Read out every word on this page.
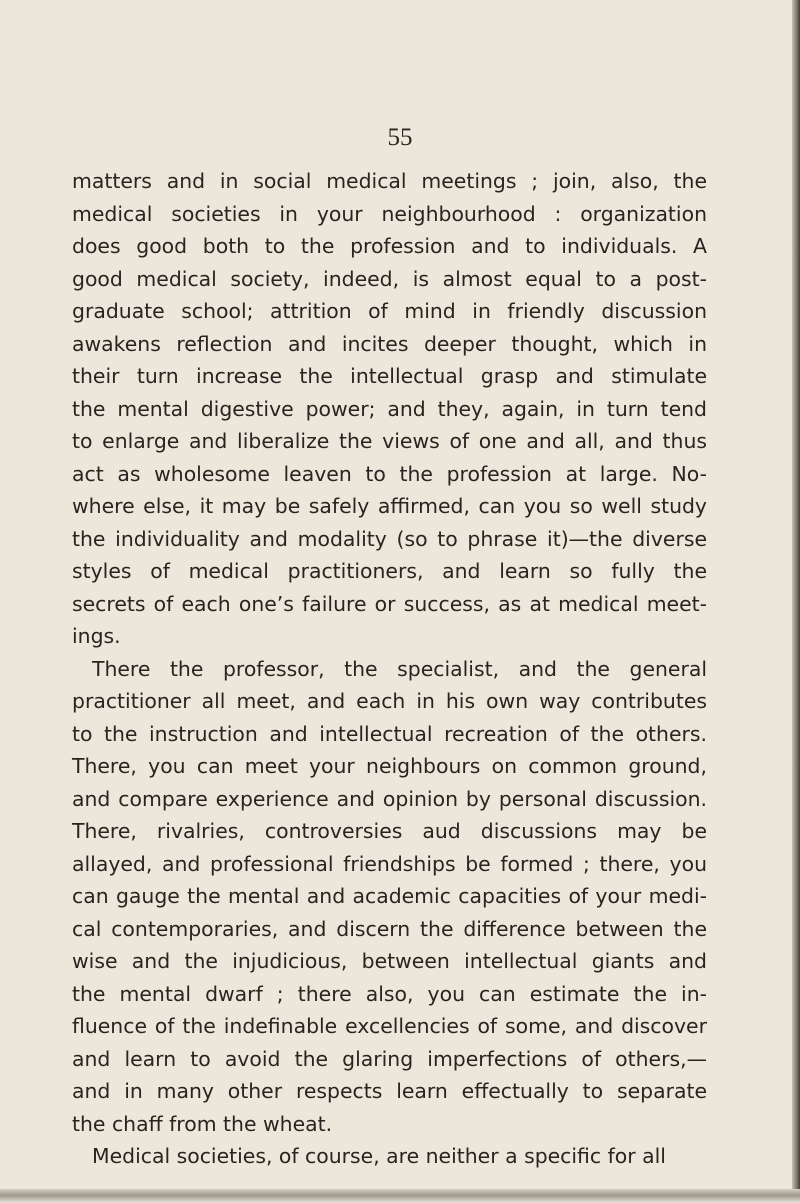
55
matters and in social medical meetings ; join, also, the
medical societies in your neighbourhood : organization
does good both to the profession and to individuals. A
good medical society, indeed, is almost equal to a post-
graduate school; attrition of mind in friendly discussion
awakens reflection and incites deeper thought, which in
their turn increase the intellectual grasp and stimulate
the mental digestive power; and they, again, in turn tend
to enlarge and liberalize the views of one and all, and thus
act as wholesome leaven to the profession at large. No-
where else, it may be safely affirmed, can you so well study
the individuality and modality (so to phrase it)—the diverse
styles of medical practitioners, and learn so fully the
secrets of each one’s failure or success, as at medical meet-
ings.
There the professor, the specialist, and the general
practitioner all meet, and each in his own way contributes
to the instruction and intellectual recreation of the others.
There, you can meet your neighbours on common ground,
and compare experience and opinion by personal discussion.
There, rivalries, controversies aud discussions may be
allayed, and professional friendships be formed ; there, you
can gauge the mental and academic capacities of your medi-
cal contemporaries, and discern the difference between the
wise and the injudicious, between intellectual giants and
the mental dwarf ; there also, you can estimate the in-
fluence of the indefinable excellencies of some, and discover
and learn to avoid the glaring imperfections of others,—
and in many other respects learn effectually to separate
the chaff from the wheat.
Medical societies, of course, are neither a specific for all
